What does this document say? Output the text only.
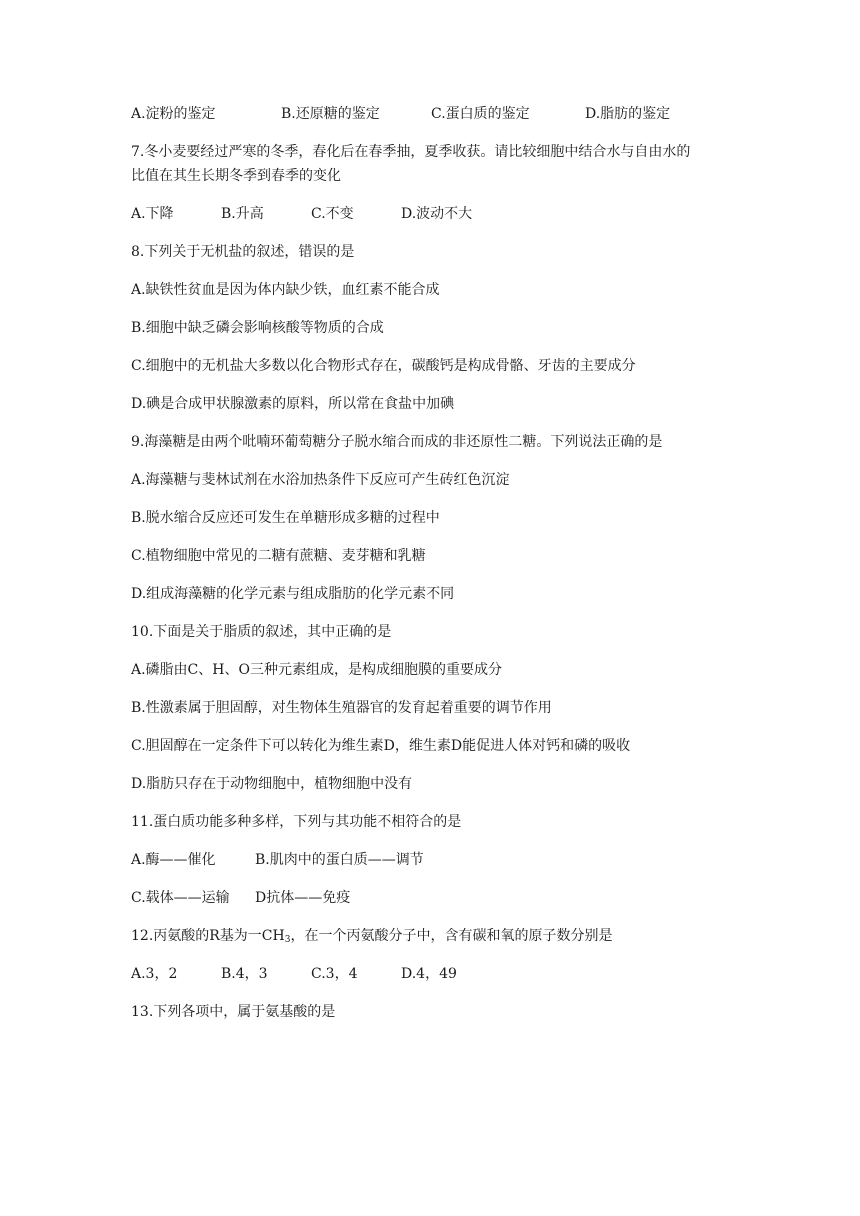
A.淀粉的鉴定	B.还原糖的鉴定	C.蛋白质的鉴定	D.脂肪的鉴定
7.冬小麦要经过严寒的冬季，春化后在春季抽，夏季收获。请比较细胞中结合水与自由水的
比值在其生长期冬季到春季的变化
A.下降	B.升高	C.不变	D.波动不大
8.下列关于无机盐的叙述，错误的是
A.缺铁性贫血是因为体内缺少铁，血红素不能合成
B.细胞中缺乏磷会影响核酸等物质的合成
C.细胞中的无机盐大多数以化合物形式存在，碳酸钙是构成骨骼、牙齿的主要成分
D.碘是合成甲状腺激素的原料，所以常在食盐中加碘
9.海藻糖是由两个吡喃环葡萄糖分子脱水缩合而成的非还原性二糖。下列说法正确的是
A.海藻糖与斐林试剂在水浴加热条件下反应可产生砖红色沉淀
B.脱水缩合反应还可发生在单糖形成多糖的过程中
C.植物细胞中常见的二糖有蔗糖、麦芽糖和乳糖
D.组成海藻糖的化学元素与组成脂肪的化学元素不同
10.下面是关于脂质的叙述，其中正确的是
A.磷脂由C、H、O三种元素组成，是构成细胞膜的重要成分
B.性激素属于胆固醇，对生物体生殖器官的发育起着重要的调节作用
C.胆固醇在一定条件下可以转化为维生素D，维生素D能促进人体对钙和磷的吸收
D.脂肪只存在于动物细胞中，植物细胞中没有
11.蛋白质功能多种多样，下列与其功能不相符合的是
A.酶——催化	B.肌肉中的蛋白质——调节
C.载体——运输 D抗体——免疫
12.丙氨酸的R基为一$CH_3$，在一个丙氨酸分子中，含有碳和氧的原子数分别是
A.3，2	B.4，3	C.3，4	D.4，49
13.下列各项中，属于氨基酸的是
